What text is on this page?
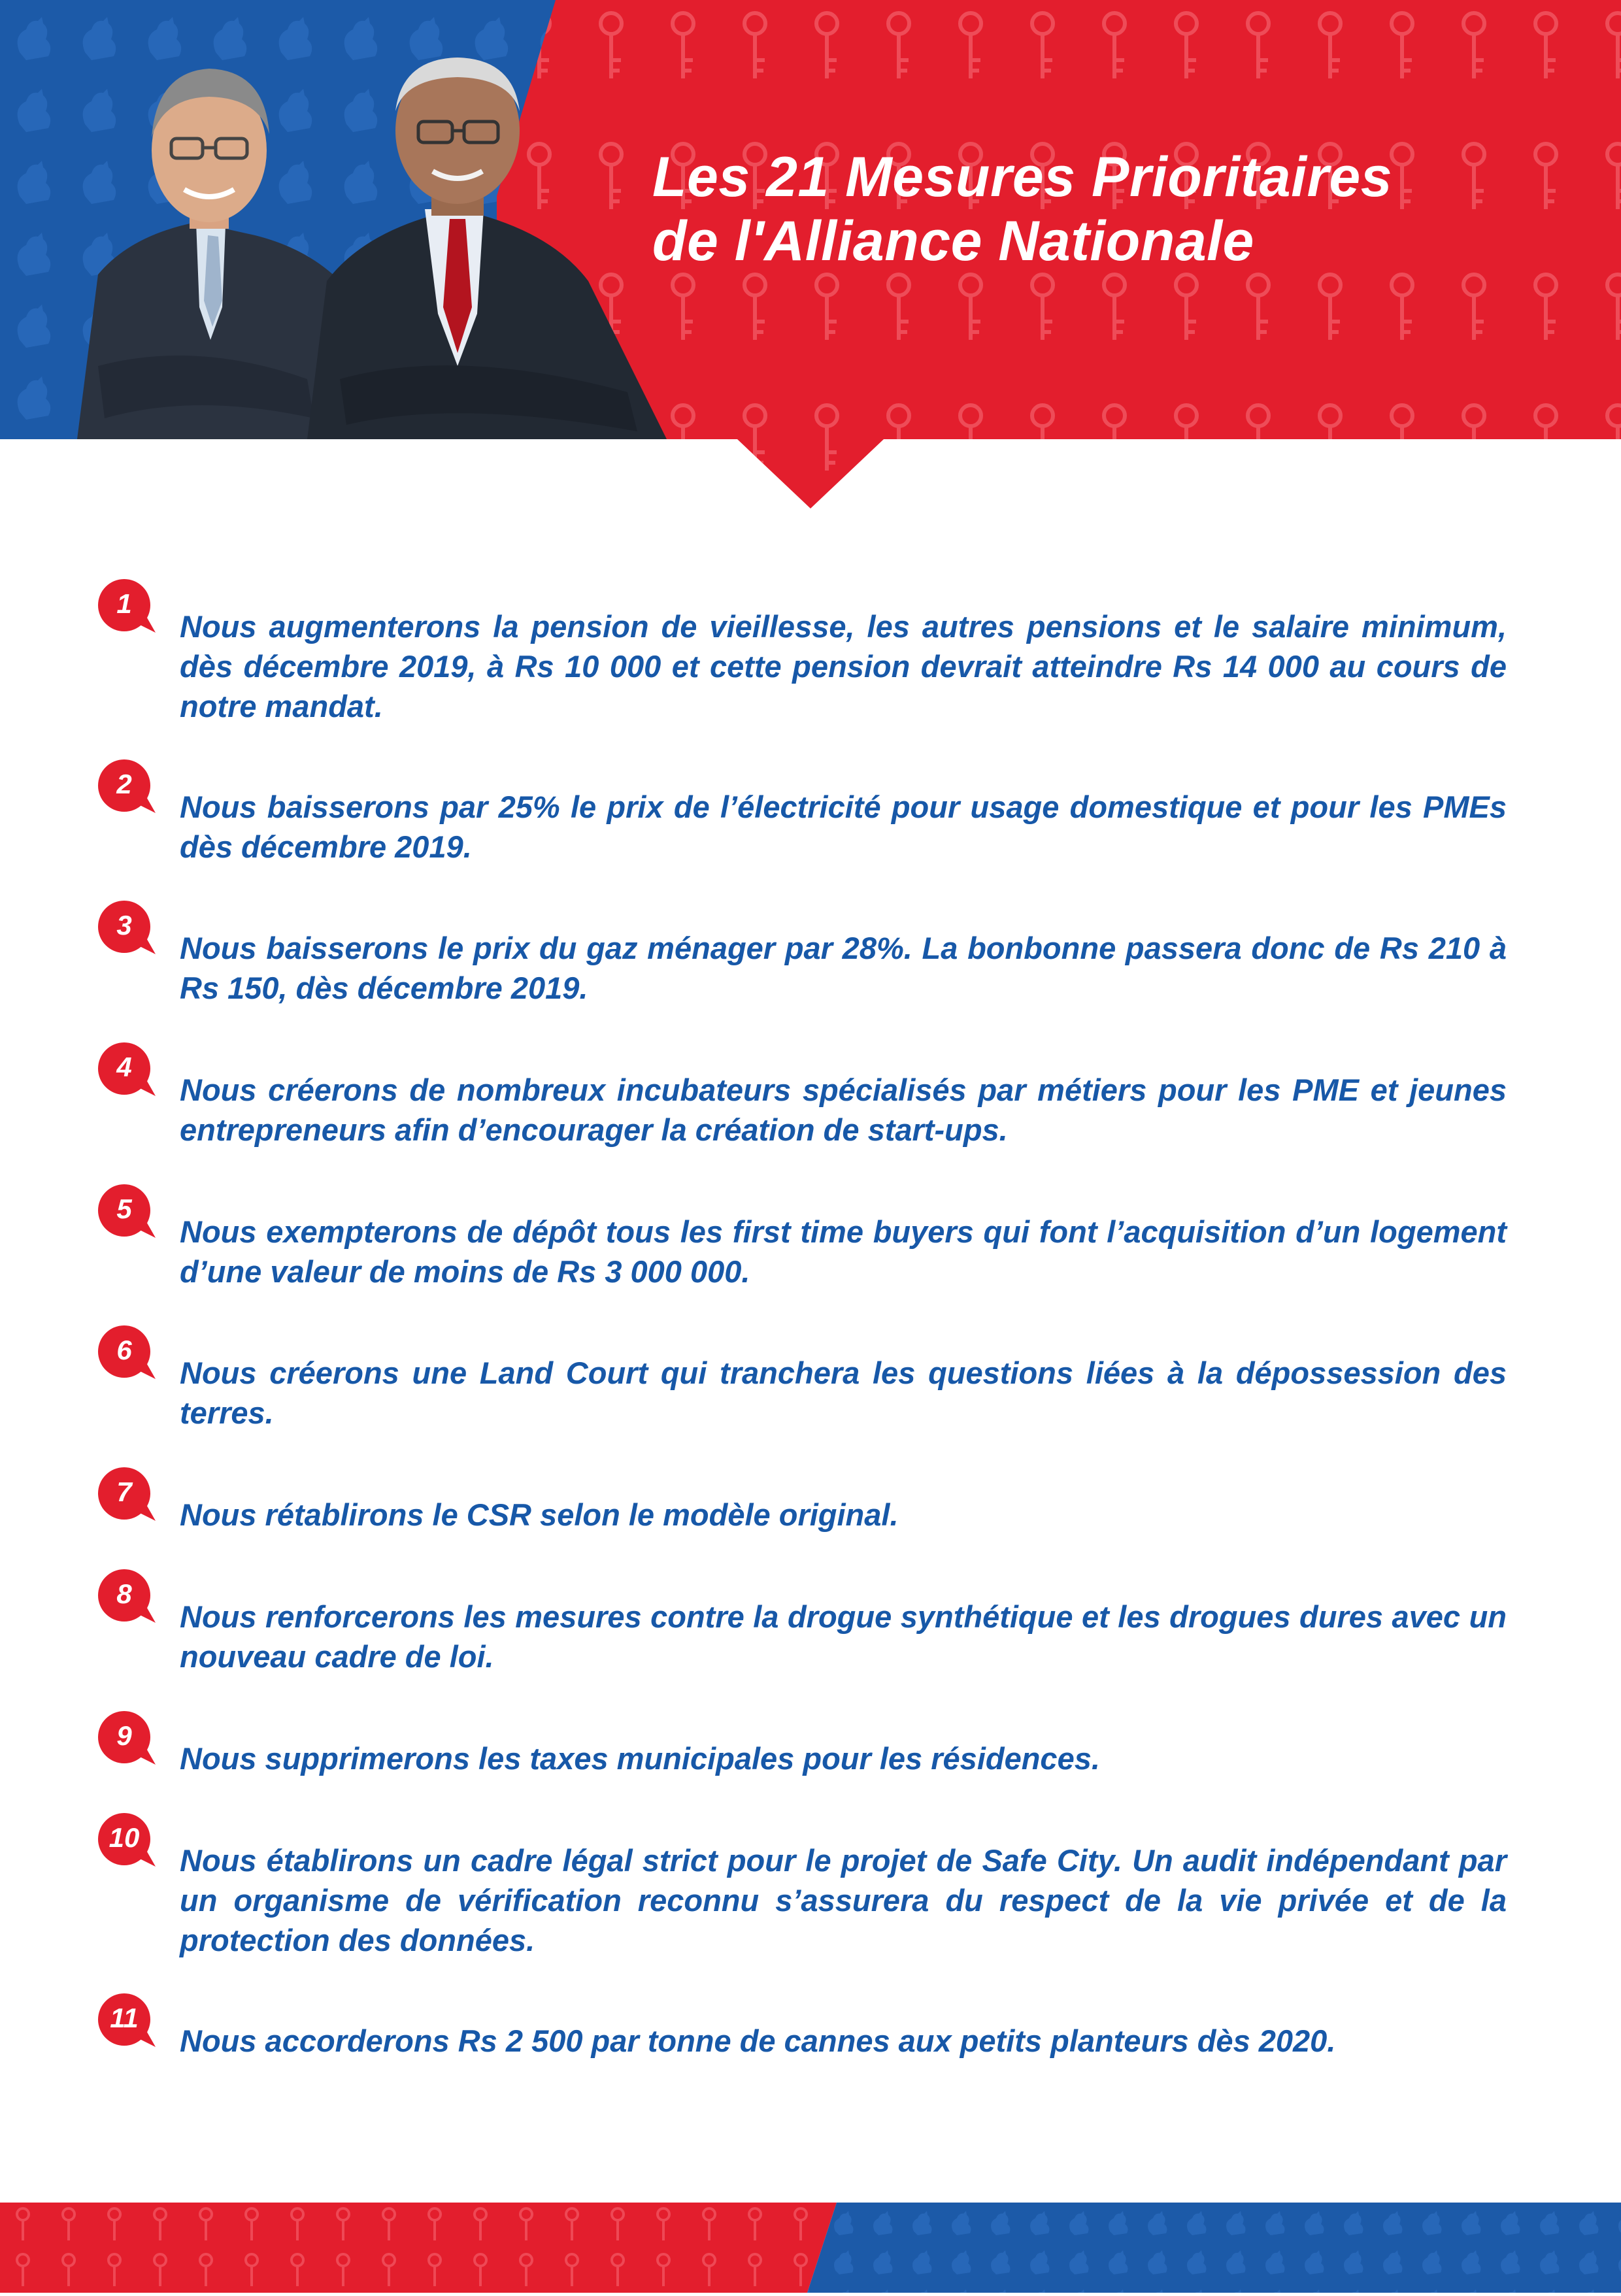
Les 21 Mesures Prioritaires
de l'Alliance Nationale
1
Nous augmenterons la pension de vieillesse, les autres pensions et le salaire minimum, dès décembre 2019, à Rs 10 000 et cette pension devrait atteindre Rs 14 000 au cours de notre mandat.
2
Nous baisserons par 25% le prix de l’électricité pour usage domestique et pour les PMEs dès décembre 2019.
3
Nous baisserons le prix du gaz ménager par 28%. La bonbonne passera donc de Rs 210 à Rs 150, dès décembre 2019.
4
Nous créerons de nombreux incubateurs spécialisés par métiers pour les PME et jeunes entrepreneurs afin d’encourager la création de start-ups.
5
Nous exempterons de dépôt tous les first time buyers qui font l’acquisition d’un logement d’une valeur de moins de Rs 3 000 000.
6
Nous créerons une Land Court qui tranchera les questions liées à la dépossession des terres.
7
Nous rétablirons le CSR selon le modèle original.
8
Nous renforcerons les mesures contre la drogue synthétique et les drogues dures avec un nouveau cadre de loi.
9
Nous supprimerons les taxes municipales pour les résidences.
10
Nous établirons un cadre légal strict pour le projet de Safe City. Un audit indépendant par un organisme de vérification reconnu s’assurera du respect de la vie privée et de la protection des données.
11
Nous accorderons Rs 2 500 par tonne de cannes aux petits planteurs dès 2020.
